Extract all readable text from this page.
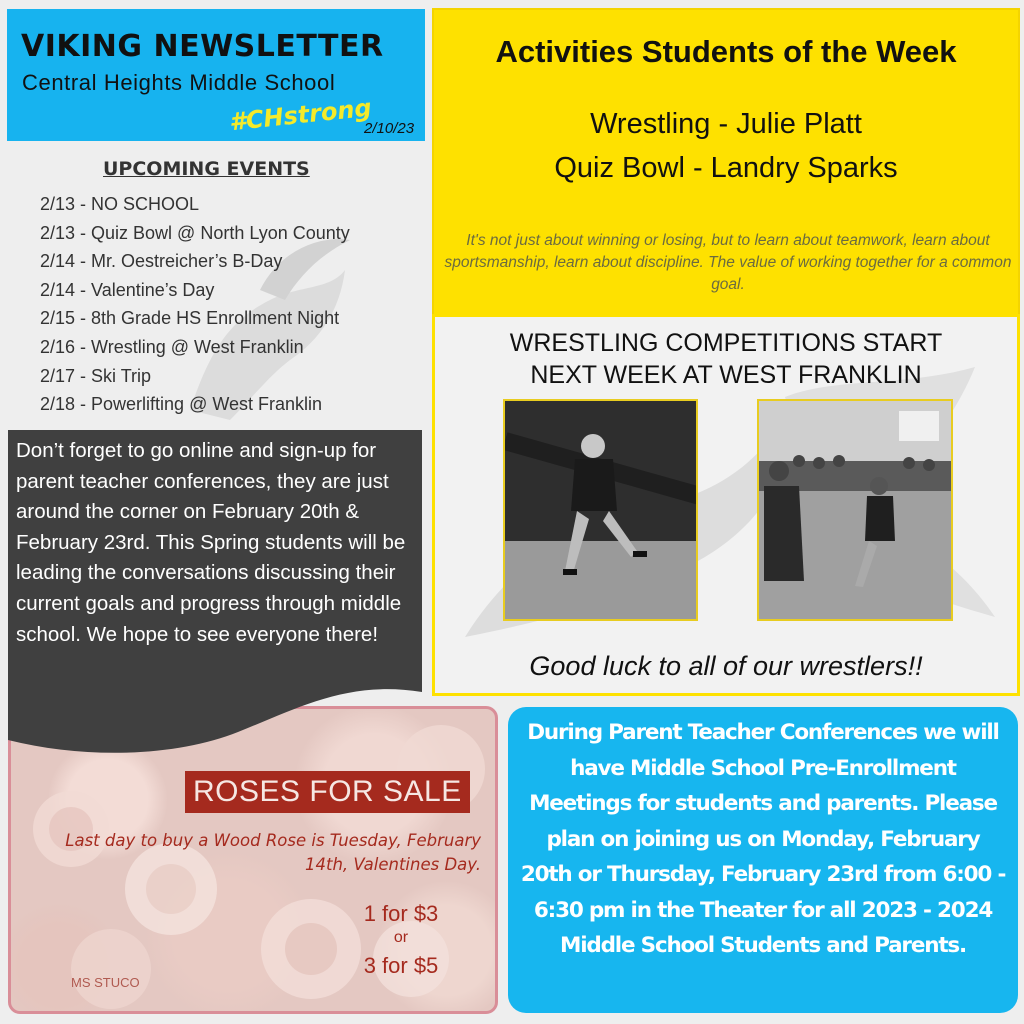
VIKING NEWSLETTER
Central Heights Middle School
#CHstrong
2/10/23
UPCOMING EVENTS
2/13 - NO SCHOOL
2/13 - Quiz Bowl @ North Lyon County
2/14 - Mr. Oestreicher’s B-Day
2/14 - Valentine’s Day
2/15 - 8th Grade HS Enrollment Night
2/16 - Wrestling @ West Franklin
2/17 - Ski Trip
2/18 - Powerlifting @ West Franklin
ROSES FOR SALE
Last day to buy a Wood Rose is Tuesday, February 14th, Valentines Day.
1 for $3
or
3 for $5
MS STUCO
Don’t forget to go online and sign-up for parent teacher conferences, they are just around the corner on February 20th & February 23rd. This Spring students will be leading the conversations discussing their current goals and progress through middle school. We hope to see everyone there!
Activities Students of the Week
Wrestling - Julie Platt
Quiz Bowl - Landry Sparks
It's not just about winning or losing, but to learn about teamwork, learn about sportsmanship, learn about discipline. The value of working together for a common goal.
WRESTLING COMPETITIONS START
NEXT WEEK AT WEST FRANKLIN
Good luck to all of our wrestlers!!
During Parent Teacher Conferences we will have Middle School Pre-Enrollment Meetings for students and parents. Please plan on joining us on Monday, February 20th or Thursday, February 23rd from 6:00 - 6:30 pm in the Theater for all 2023 - 2024 Middle School Students and Parents.
